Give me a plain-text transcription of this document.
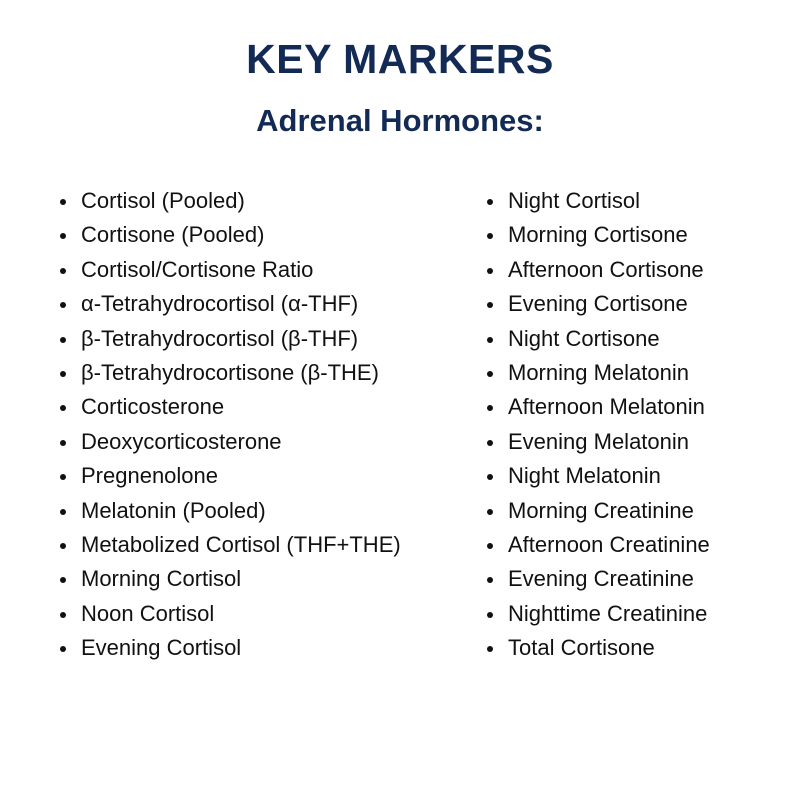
KEY MARKERS
Adrenal Hormones:
Cortisol (Pooled)
Cortisone (Pooled)
Cortisol/Cortisone Ratio
α-Tetrahydrocortisol (α-THF)
β-Tetrahydrocortisol (β-THF)
β-Tetrahydrocortisone (β-THE)
Corticosterone
Deoxycorticosterone
Pregnenolone
Melatonin (Pooled)
Metabolized Cortisol (THF+THE)
Morning Cortisol
Noon Cortisol
Evening Cortisol
Night Cortisol
Morning Cortisone
Afternoon Cortisone
Evening Cortisone
Night Cortisone
Morning Melatonin
Afternoon Melatonin
Evening Melatonin
Night Melatonin
Morning Creatinine
Afternoon Creatinine
Evening Creatinine
Nighttime Creatinine
Total Cortisone
